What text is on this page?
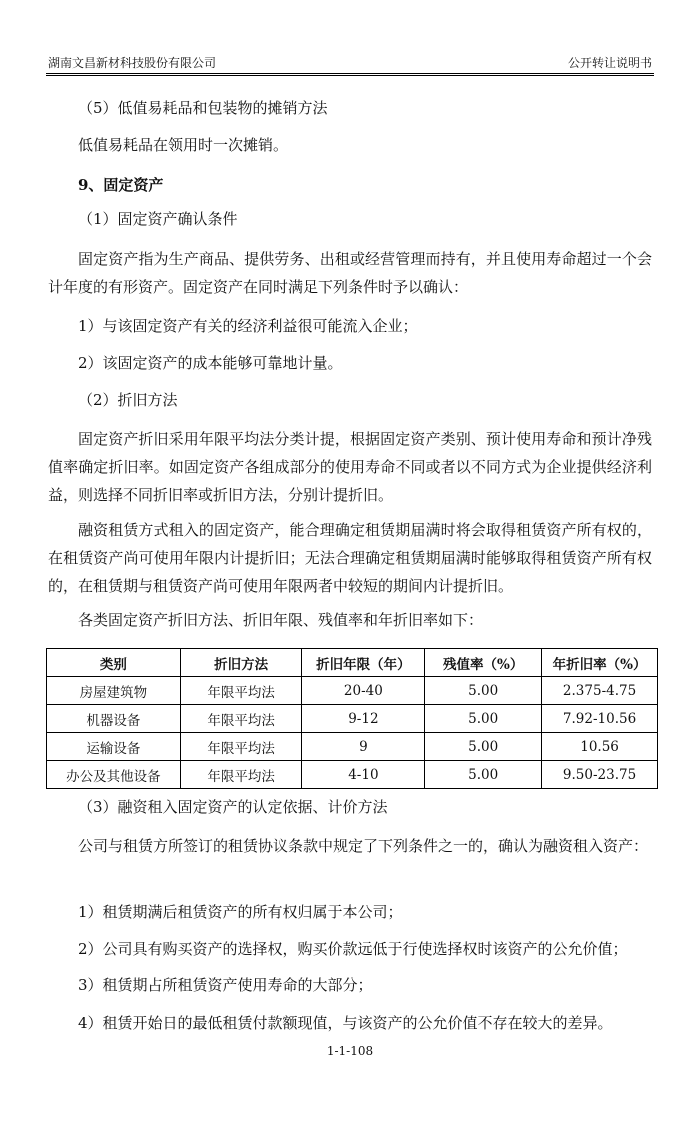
湖南文昌新材科技股份有限公司	公开转让说明书
（5）低值易耗品和包装物的摊销方法
低值易耗品在领用时一次摊销。
9、固定资产
（1）固定资产确认条件
固定资产指为生产商品、提供劳务、出租或经营管理而持有，并且使用寿命超过一个会计年度的有形资产。固定资产在同时满足下列条件时予以确认：
1）与该固定资产有关的经济利益很可能流入企业；
2）该固定资产的成本能够可靠地计量。
（2）折旧方法
固定资产折旧采用年限平均法分类计提，根据固定资产类别、预计使用寿命和预计净残值率确定折旧率。如固定资产各组成部分的使用寿命不同或者以不同方式为企业提供经济利益，则选择不同折旧率或折旧方法，分别计提折旧。
融资租赁方式租入的固定资产，能合理确定租赁期届满时将会取得租赁资产所有权的，在租赁资产尚可使用年限内计提折旧；无法合理确定租赁期届满时能够取得租赁资产所有权的，在租赁期与租赁资产尚可使用年限两者中较短的期间内计提折旧。
各类固定资产折旧方法、折旧年限、残值率和年折旧率如下：
类别	折旧方法	折旧年限（年）	残值率（%）	年折旧率（%）
房屋建筑物	年限平均法	20-40	5.00	2.375-4.75
机器设备	年限平均法	9-12	5.00	7.92-10.56
运输设备	年限平均法	9	5.00	10.56
办公及其他设备	年限平均法	4-10	5.00	9.50-23.75
（3）融资租入固定资产的认定依据、计价方法
公司与租赁方所签订的租赁协议条款中规定了下列条件之一的，确认为融资租入资产：
1）租赁期满后租赁资产的所有权归属于本公司；
2）公司具有购买资产的选择权，购买价款远低于行使选择权时该资产的公允价值；
3）租赁期占所租赁资产使用寿命的大部分；
4）租赁开始日的最低租赁付款额现值，与该资产的公允价值不存在较大的差异。
1-1-108
